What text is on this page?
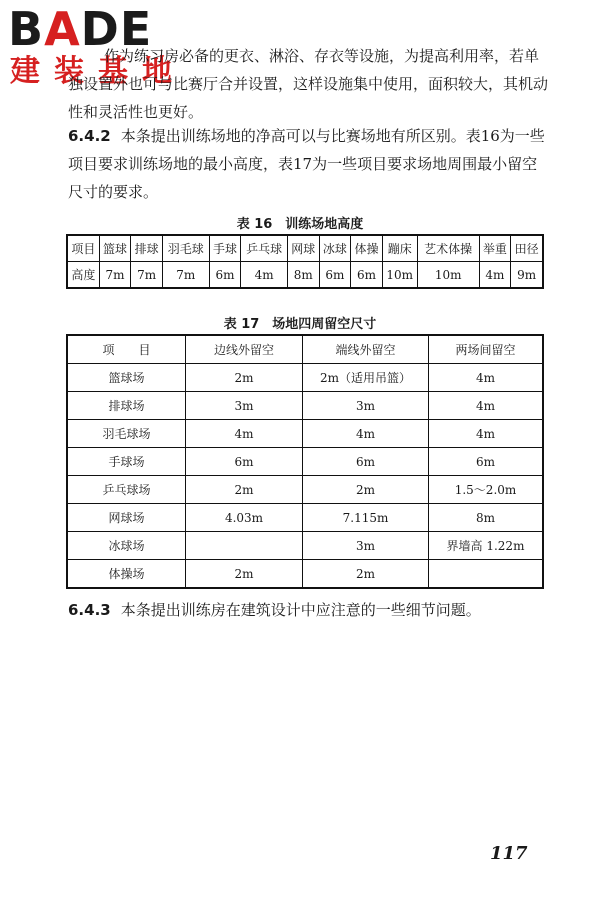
BADE
建装基地

作为练习房必备的更衣、淋浴、存衣等设施，为提高利用率，若单独设置外也可与比赛厅合并设置，这样设施集中使用，面积较大，其机动性和灵活性也更好。

6.4.2 本条提出训练场地的净高可以与比赛场地有所区别。表16为一些项目要求训练场地的最小高度，表17为一些项目要求场地周围最小留空尺寸的要求。

表 16　训练场地高度
项目	篮球	排球	羽毛球	手球	乒乓球	网球	冰球	体操	蹦床	艺术体操	举重	田径
高度	7m	7m	7m	6m	4m	8m	6m	6m	10m	10m	4m	9m
表 17　场地四周留空尺寸
项　　目	边线外留空	端线外留空	两场间留空
篮球场	2m	2m（适用吊篮）	4m
排球场	3m	3m	4m
羽毛球场	4m	4m	4m
手球场	6m	6m	6m
乒乓球场	2m	2m	1.5～2.0m
网球场	4.03m	7.115m	8m
冰球场		3m	界墙高 1.22m
体操场	2m	2m	

6.4.3 本条提出训练房在建筑设计中应注意的一些细节问题。

117
